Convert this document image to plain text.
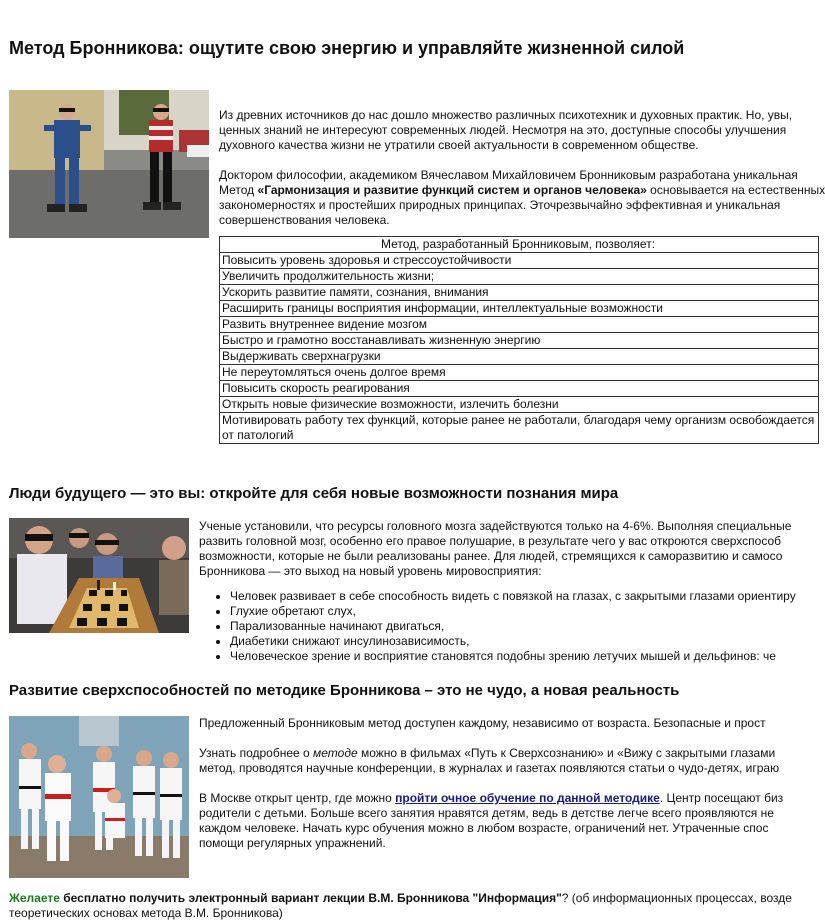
Метод Бронникова: ощутите свою энергию и управляйте жизненной силой

Из древних источников до нас дошло множество различных психотехник и духовных практик. Но, увы,

ценных знаний не интересуют современных людей. Несмотря на это, доступные способы улучшения

духовного качества жизни не утратили своей актуальности в современном обществе.

Доктором философии, академиком Вячеславом Михайловичем Бронниковым разработана уникальная

Метод «Гармонизация и развитие функций систем и органов человека» основывается на естественных

закономерностях и простейших природных принципах. Эточрезвычайно эффективная и уникальная

совершенствования человека.

Метод, разработанный Бронниковым, позволяет:
Повысить уровень здоровья и стрессоустойчивости
Увеличить продолжительность жизни;
Ускорить развитие памяти, сознания, внимания
Расширить границы восприятия информации, интеллектуальные возможности
Развить внутреннее видение мозгом
Быстро и грамотно восстанавливать жизненную энергию
Выдерживать сверхнагрузки
Не переутомляться очень долгое время
Повысить скорость реагирования
Открыть новые физические возможности, излечить болезни
Мотивировать работу тех функций, которые ранее не работали, благодаря чему организм освобождается от патологий
Люди будущего — это вы: откройте для себя новые возможности познания мира

Ученые установили, что ресурсы головного мозга задействуются только на 4-6%. Выполняя специальные

развить головной мозг, особенно его правое полушарие, в результате чего у вас откроются сверхспособ

возможности, которые не были реализованы ранее. Для людей, стремящихся к саморазвитию и самосо

Бронникова — это выход на новый уровень мировосприятия:

• Человек развивает в себе способность видеть с повязкой на глазах, с закрытыми глазами ориентиру
• Глухие обретают слух,
• Парализованные начинают двигаться,
• Диабетики снижают инсулинозависимость,
• Человеческое зрение и восприятие становятся подобны зрению летучих мышей и дельфинов: че
Развитие сверхспособностей по методике Бронникова – это не чудо, а новая реальность

Предложенный Бронниковым метод доступен каждому, независимо от возраста. Безопасные и прост

Узнать подробнее о методе можно в фильмах «Путь к Сверхсознанию» и «Вижу с закрытыми глазами

метод, проводятся научные конференции, в журналах и газетах появляются статьи о чудо-детях, играю

В Москве открыт центр, где можно пройти очное обучение по данной методике. Центр посещают биз

родители с детьми. Больше всего занятия нравятся детям, ведь в детстве легче всего проявляются не

каждом человеке. Начать курс обучения можно в любом возрасте, ограничений нет. Утраченные спос

помощи регулярных упражнений.

Желаете бесплатно получить электронный вариант лекции В.М. Бронникова "Информация"? (об информационных процессах, возде

теоретических основах метода В.М. Бронникова)
